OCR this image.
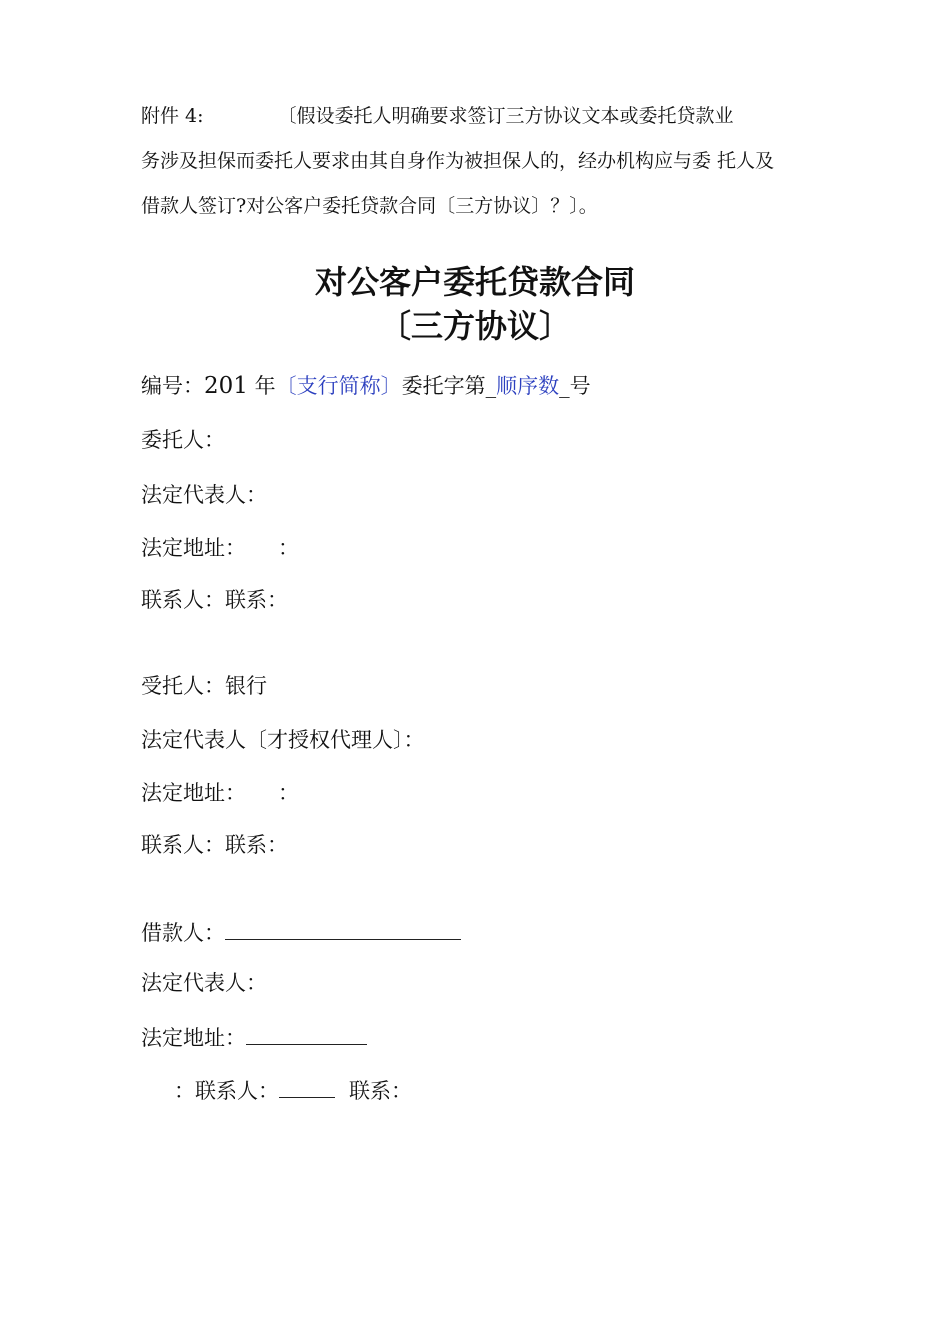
附件 4:	〔假设委托人明确要求签订三方协议文本或委托贷款业
务涉及担保而委托人要求由其自身作为被担保人的，经办机构应与委 托人及
借款人签订?对公客户委托贷款合同〔三方协议〕？〕。
对公客户委托贷款合同
〔三方协议〕
编号：201 年〔支行简称〕委托字第_顺序数_号
委托人：
法定代表人：
法定地址： ：
联系人：联系：
受托人：银行
法定代表人〔才授权代理人〕：
法定地址： ：
联系人：联系：
借款人：
法定代表人：
法定地址：
：联系人：	联系：
